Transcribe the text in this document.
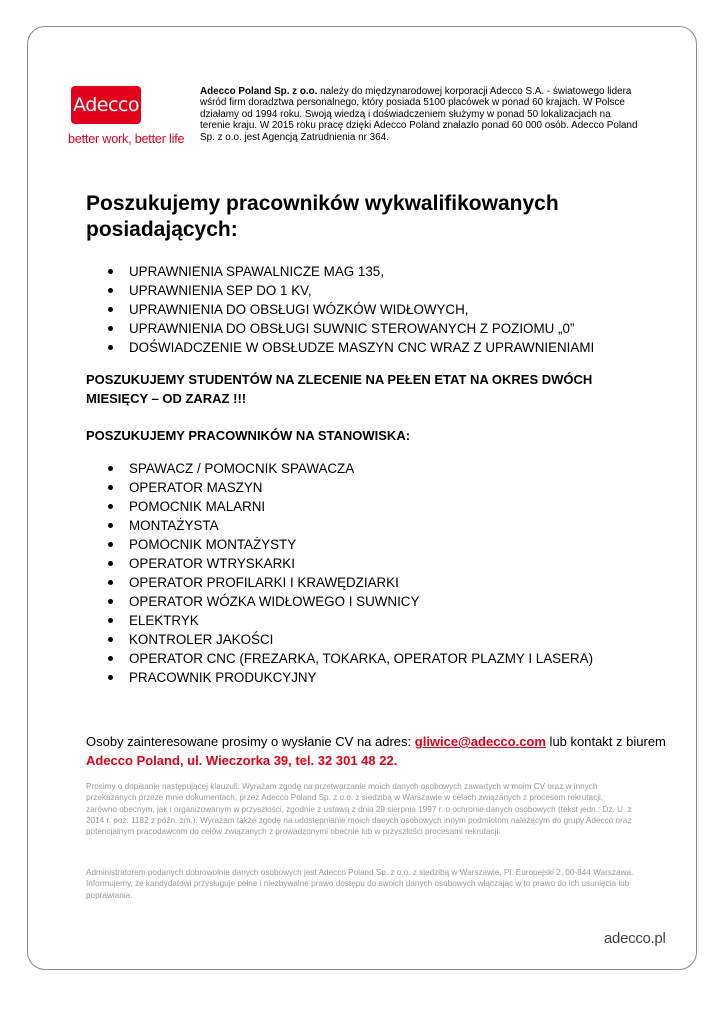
Adecco
better work, better life
Adecco Poland Sp. z o.o. należy do międzynarodowej korporacji Adecco S.A. - światowego lidera wśród firm doradztwa personalnego, który posiada 5100 placówek w ponad 60 krajach. W Polsce działamy od 1994 roku. Swoją wiedzą i doświadczeniem służymy w ponad 50 lokalizacjach na terenie kraju. W 2015 roku pracę dzięki Adecco Poland znalazło ponad 60 000 osób. Adecco Poland Sp. z o.o. jest Agencją Zatrudnienia nr 364.
Poszukujemy pracowników wykwalifikowanych posiadających:
UPRAWNIENIA SPAWALNICZE MAG 135,
UPRAWNIENIA SEP DO 1 KV,
UPRAWNIENIA DO OBSŁUGI WÓZKÓW WIDŁOWYCH,
UPRAWNIENIA DO OBSŁUGI SUWNIC STEROWANYCH Z POZIOMU „0”
DOŚWIADCZENIE W OBSŁUDZE MASZYN CNC WRAZ Z UPRAWNIENIAMI

POSZUKUJEMY STUDENTÓW NA ZLECENIE NA PEŁEN ETAT NA OKRES DWÓCH MIESIĘCY – OD ZARAZ !!!

POSZUKUJEMY PRACOWNIKÓW NA STANOWISKA:

SPAWACZ / POMOCNIK SPAWACZA
OPERATOR MASZYN
POMOCNIK MALARNI
MONTAŻYSTA
POMOCNIK MONTAŻYSTY
OPERATOR WTRYSKARKI
OPERATOR PROFILARKI I KRAWĘDZIARKI
OPERATOR WÓZKA WIDŁOWEGO I SUWNICY
ELEKTRYK
KONTROLER JAKOŚCI
OPERATOR CNC (FREZARKA, TOKARKA, OPERATOR PLAZMY I LASERA)
PRACOWNIK PRODUKCYJNY
Osoby zainteresowane prosimy o wysłanie CV na adres: gliwice@adecco.com lub kontakt z biurem
Adecco Poland, ul. Wieczorka 39, tel. 32 301 48 22.

Prosimy o dopisanie następującej klauzuli: Wyrażam zgodę na przetwarzanie moich danych osobowych zawartych w moim CV oraz w innych przekazanych przeze mnie dokumentach, przez Adecco Poland Sp. z o.o. z siedzibą w Warszawie w celach związanych z procesem rekrutacji, zarówno obecnym, jak i organizowanym w przyszłości, zgodnie z ustawą z dnia 29 sierpnia 1997 r. o ochronie danych osobowych (tekst jedn.: Dz. U. z 2014 r. poz. 1182 z późn. zm.). Wyrażam także zgodę na udostępnianie moich danych osobowych innym podmiotom należącym do grupy Adecco oraz potencjalnym pracodawcom do celów związanych z prowadzonymi obecnie lub w przyszłości procesami rekrutacji.

Administratorem podanych dobrowolnie danych osobowych jest Adecco Poland Sp. z o.o. z siedzibą w Warszawie, Pl. Europejski 2, 00-844 Warszawa. Informujemy, że kandydatowi przysługuje pełne i niezbywalne prawo dostępu do swoich danych osobowych włączając w to prawo do ich usunięcia lub poprawiania.

adecco.pl
